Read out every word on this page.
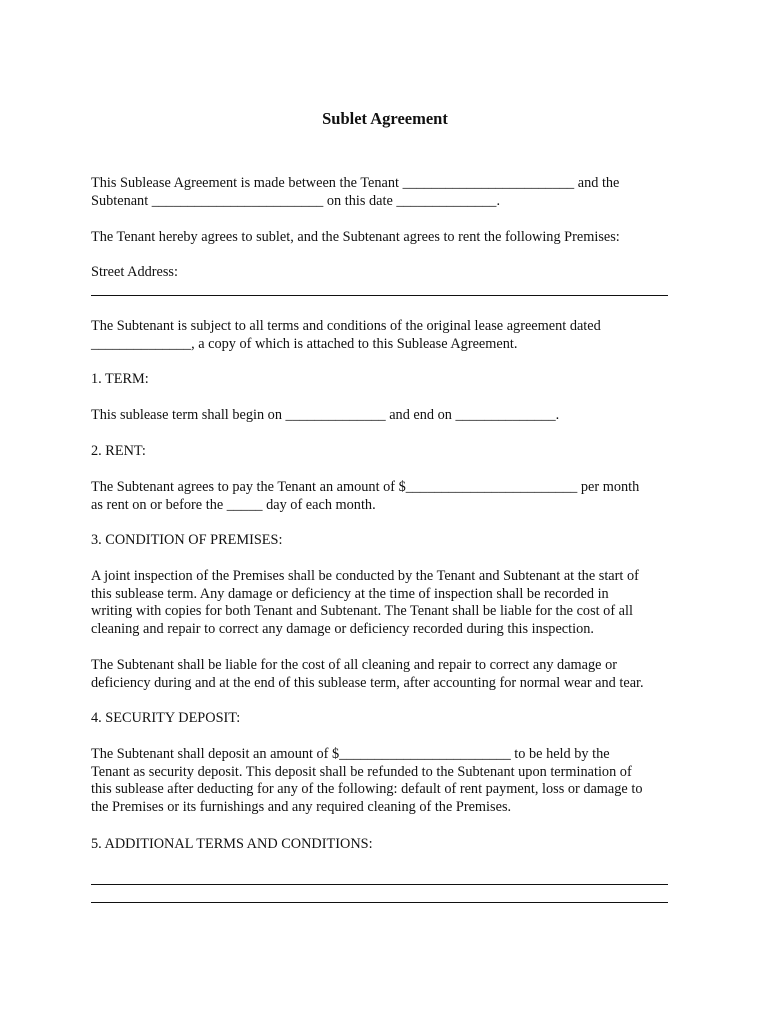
Sublet Agreement

This Sublease Agreement is made between the Tenant ________________________ and the
Subtenant ________________________ on this date ______________.

The Tenant hereby agrees to sublet, and the Subtenant agrees to rent the following Premises:

Street Address:

The Subtenant is subject to all terms and conditions of the original lease agreement dated
______________, a copy of which is attached to this Sublease Agreement.

1. TERM:

This sublease term shall begin on ______________ and end on ______________.

2. RENT:

The Subtenant agrees to pay the Tenant an amount of $________________________ per month
as rent on or before the _____ day of each month.

3. CONDITION OF PREMISES:

A joint inspection of the Premises shall be conducted by the Tenant and Subtenant at the start of
this sublease term. Any damage or deficiency at the time of inspection shall be recorded in
writing with copies for both Tenant and Subtenant. The Tenant shall be liable for the cost of all
cleaning and repair to correct any damage or deficiency recorded during this inspection.

The Subtenant shall be liable for the cost of all cleaning and repair to correct any damage or
deficiency during and at the end of this sublease term, after accounting for normal wear and tear.

4. SECURITY DEPOSIT:

The Subtenant shall deposit an amount of $________________________ to be held by the
Tenant as security deposit. This deposit shall be refunded to the Subtenant upon termination of
this sublease after deducting for any of the following: default of rent payment, loss or damage to
the Premises or its furnishings and any required cleaning of the Premises.

5. ADDITIONAL TERMS AND CONDITIONS:
